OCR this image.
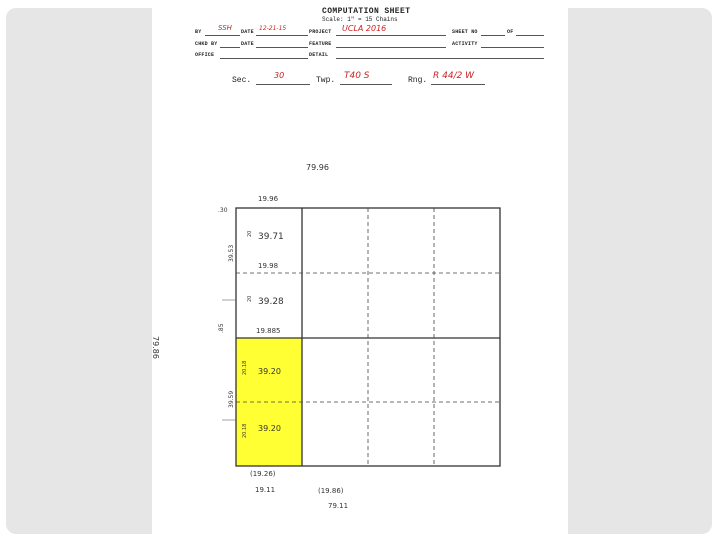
COMPUTATION SHEET
Scale: 1" = 15 Chains
BY SSH DATE 12-21-15	PROJECT UCLA 2016	SHEET NO	OF
CHKD BY	DATE	FEATURE	ACTIVITY
OFFICE	DETAIL
Sec.
30
Twp. T40 S	Rng. R 44/2 W
79.96
79.86
.30
19.96
39.71
20
19.98
39.28
20
39.53
19.885
.85
39.20
20.18
39.20
20.18
39.59
(19.26)
19.11	(19.86)
79.11
